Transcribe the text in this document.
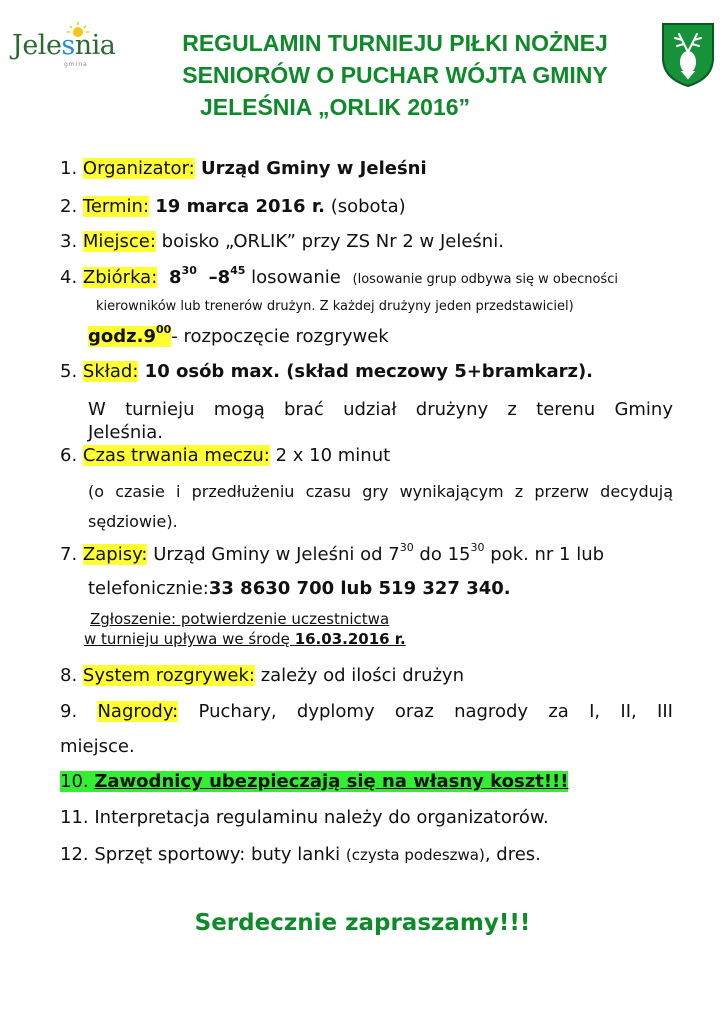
Jelesnia
gmina
REGULAMIN TURNIEJU PIŁKI NOŻNEJ

SENIORÓW O PUCHAR WÓJTA GMINY
JELEŚNIA „ORLIK 2016”
1. Organizator: Urząd Gminy w Jeleśni
2. Termin: 19 marca 2016 r. (sobota)
3. Miejsce: boisko „ORLIK” przy ZS Nr 2 w Jeleśni.
4. Zbiórka: $8^{30}$ $-8^{45}$ losowanie (losowanie grup odbywa się w obecności
kierowników lub trenerów drużyn. Z każdej drużyny jeden przedstawiciel)
$godz.9^{00}-$ rozpoczęcie rozgrywek
5. Skład: 10 osób max. (skład meczowy 5+bramkarz).
W turnieju mogą brać udział drużyny z terenu Gminy
Jeleśnia.
6. Czas trwania meczu: 2 x 10 minut
(o czasie i przedłużeniu czasu gry wynikającym z przerw decydują
sędziowie).
7. Zapisy: Urząd Gminy w Jeleśni od $7^{30}$ do $15^{30}$ pok. nr 1 lub
telefonicznie:33 8630 700 lub 519 327 340.
Zgłoszenie: potwierdzenie uczestnictwa
w turnieju upływa we środę 16.03.2016 r.
8. System rozgrywek: zależy od ilości drużyn
9. Nagrody: Puchary, dyplomy oraz nagrody za I, II, III
miejsce.
10. Zawodnicy ubezpieczają się na własny koszt!!!
11. Interpretacja regulaminu należy do organizatorów.
12. Sprzęt sportowy: buty lanki (czysta podeszwa), dres.
Serdecznie zapraszamy!!!
